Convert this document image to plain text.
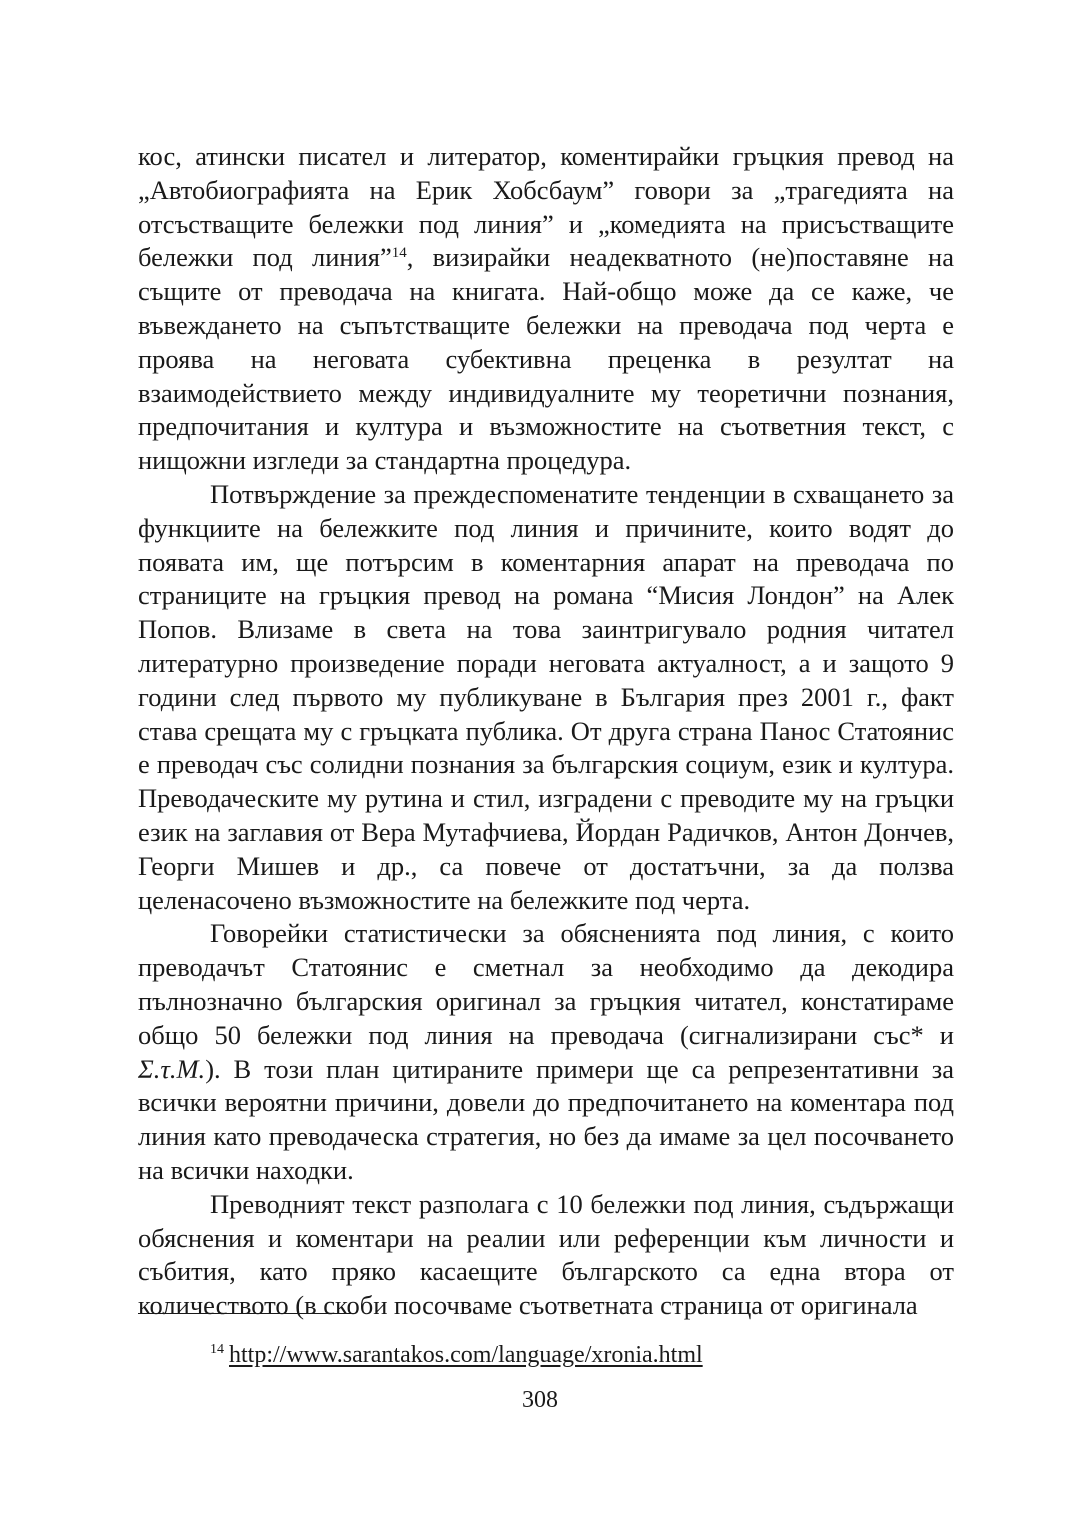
кос, атински писател и литератор, коментирайки гръцкия превод на „Автобиографията на Ерик Хобсбаум” говори за „трагедията на отсъстващите бележки под линия” и „комедията на присъстващите бележки под линия”$^{14}$, визирайки неадекватното (не)поставяне на същите от преводача на книгата. Най-общо може да се каже, че въвеждането на съпътстващите бележки на преводача под черта е проява на неговата субективна преценка в резултат на взаимодействието между индивидуалните му теоретични познания, предпочитания и култура и възможностите на съответния текст, с нищожни изгледи за стандартна процедура.

Потвърждение за преждеспоменатите тенденции в схващането за функциите на бележките под линия и причините, които водят до появата им, ще потърсим в коментарния апарат на преводача по страниците на гръцкия превод на романа “Мисия Лондон” на Алек Попов. Влизаме в света на това заинтригувало родния читател литературно произведение поради неговата актуалност, а и защото 9 години след първото му публикуване в България през 2001 г., факт става срещата му с гръцката публика. От друга страна Панос Статоянис е преводач със солидни познания за българския социум, език и култура. Преводаческите му рутина и стил, изградени с преводите му на гръцки език на заглавия от Вера Мутафчиева, Йордан Радичков, Антон Дончев, Георги Мишев и др., са повече от достатъчни, за да ползва целенасочено възможностите на бележките под черта.

Говорейки статистически за обясненията под линия, с които преводачът Статоянис е сметнал за необходимо да декодира пълнозначно българския оригинал за гръцкия читател, констатираме общо 50 бележки под линия на преводача (сигнализирани със* и Σ.τ.Μ.). В този план цитираните примери ще са репрезентативни за всички вероятни причини, довели до предпочитането на коментара под линия като преводаческа стратегия, но без да имаме за цел посочването на всички находки.

Преводният текст разполага с 10 бележки под линия, съдържащи обяснения и коментари на реалии или референции към личности и събития, като пряко касаещите българското са една втора от количеството (в скоби посочваме съответната страница от оригинала

$^{14}$ http://www.sarantakos.com/language/xronia.html
308
